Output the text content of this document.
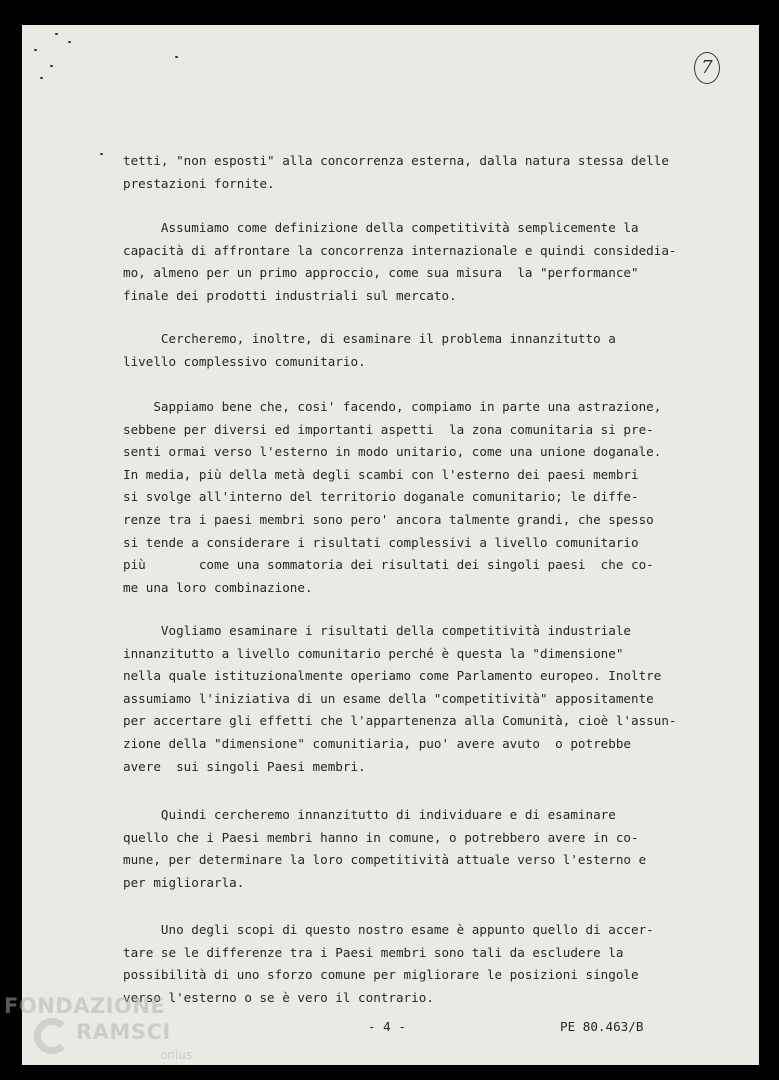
7
tetti, "non esposti" alla concorrenza esterna, dalla natura stessa delle
prestazioni fornite.
Assumiamo come definizione della competitività semplicemente la
capacità di affrontare la concorrenza internazionale e quindi considedia-
mo, almeno per un primo approccio, come sua misura  la "performance"
finale dei prodotti industriali sul mercato.
Cercheremo, inoltre, di esaminare il problema innanzitutto a
livello complessivo comunitario.
Sappiamo bene che, cosi' facendo, compiamo in parte una astrazione,
sebbene per diversi ed importanti aspetti  la zona comunitaria si pre-
senti ormai verso l'esterno in modo unitario, come una unione doganale.
In media, più della metà degli scambi con l'esterno dei paesi membri
si svolge all'interno del territorio doganale comunitario; le diffe-
renze tra i paesi membri sono pero' ancora talmente grandi, che spesso
si tende a considerare i risultati complessivi a livello comunitario
più       come una sommatoria dei risultati dei singoli paesi  che co-
me una loro combinazione.
Vogliamo esaminare i risultati della competitività industriale
innanzitutto a livello comunitario perché è questa la "dimensione"
nella quale istituzionalmente operiamo come Parlamento europeo. Inoltre
assumiamo l'iniziativa di un esame della "competitività" appositamente
per accertare gli effetti che l'appartenenza alla Comunità, cioè l'assun-
zione della "dimensione" comunitiaria, puo' avere avuto  o potrebbe
avere  sui singoli Paesi membri.
Quindi cercheremo innanzitutto di individuare e di esaminare
quello che i Paesi membri hanno in comune, o potrebbero avere in co-
mune, per determinare la loro competitività attuale verso l'esterno e
per migliorarla.
Uno degli scopi di questo nostro esame è appunto quello di accer-
tare se le differenze tra i Paesi membri sono tali da escludere la
possibilità di uno sforzo comune per migliorare le posizioni singole
verso l'esterno o se è vero il contrario.
- 4 -	PE 80.463/B
FONDAZIONE
RAMSCI
onlus
